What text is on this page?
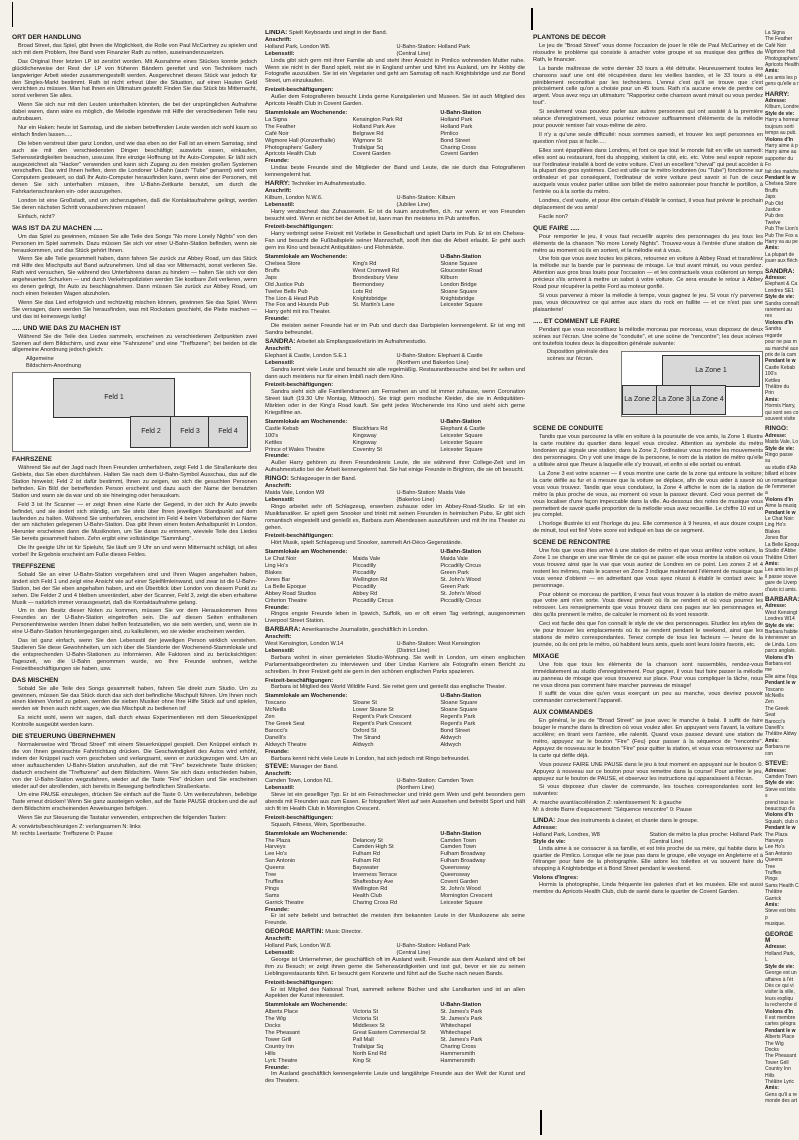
ORT DER HANDLUNG

Broad Street, das Spiel, gibt Ihnen die Möglichkeit, die Rolle von Paul McCartney zu spielen und sich mit dem Problem, Ihre Band vom Finanzier Rath zu retten, auseinanderzusetzen.

Das Original Ihrer letzten LP ist zerstört worden. Mit Ausnahme eines Stückes konnte jedoch glücklicherweise der Rest der LP von früheren Bändern gerettet und von Technikern nach langwieriger Arbeit wieder zusammengestellt werden. Ausgerechnet dieses Stück war jedoch für den Singles-Markt bestimmt. Rath ist nicht erfreut über die Situation, auf einen Hauten Geld verzichten zu müssen. Man hat Ihnen ein Ultimatum gestellt: Finden Sie das Stück bis Mitternacht, sonst verlieren Sie alles.

Wenn Sie sich nur mit den Leuten unterhalten könnten, die bei der ursprünglichen Aufnahme dabei waren, dann wäre es möglich, die Melodie irgendwie mit Hilfe der verschiedenen Teile neu aufzubauen.

Nur ein Haken: heute ist Samstag, und die sieben betreffenden Leute werden sich wohl kaum so einfach finden lassen.....

Die leben verstreut über ganz London, und wie das eben so der Fall ist an einem Samstag, sind auch sie mit den verschiedensten Dingen beschäftigt; auswärts essen, einkaufen, Sehenswürdigkeiten besuchen, usw.usw. Ihre einzige Hoffnung ist Ihr Auto-Computer. Er läßt sich ausgezeichnet als "Hacker" verwenden und kann sich Zugang zu den meisten großen Systemen verschaffen. Das wird Ihnen helfen, denn die Londoner U-Bahn (auch "Tube" genannt) wird vom Computern gesteuert, so daß Ihr Auto-Computer herausfinden kann, wenn eine der Personen, mit denen Sie sich unterhalten müssen, ihre U-Bahn-Zeitkarte benutzt, um durch die Fahrkartenschranken ein- oder auszugehen.

London ist eine Großstadt, und um sicherzugehen, daß die Kontaktaufnahme gelingt, werden Sie deren nächsten Schritt vorausberechnen müssen!

Einfach, nicht?

WAS IST DA ZU MACHEN .....

Um das Spiel zu gewinnen, müssen Sie alle Teile des Songs "No more Lonely Nights" von den Personen im Spiel sammeln. Dazu müssen Sie sich vor einer U-Bahn-Station befinden, wenn sie herauskommen, und das Stück gehört Ihnen.

Wenn Sie alle Teile gesammelt haben, dann fahren Sie zurück zur Abbey Road, um das Stück mit Hilfe des Mischpults auf Band aufzunehmen. Und all das vor Mitternacht, sonst verlieren Sie. Rath wird versuchen, Sie während des Unterfahrens daran zu hindern — halten Sie sich vor den angeheuerten Schurken — und durch Verkehrspolizisten werden Sie kostbare Zeit verlieren, wenn es denen gelingt, Ihr Auto zu beschlagnahmen. Dann müssen Sie zurück zur Abbey Road, um noch einen freiesten Wagen abzuholen.

Wenn Sie das Lied erfolgreich und rechtzeitig mischen können, gewinnen Sie das Spiel. Wenn Sie versagen, dann werden Sie herausfinden, was mit Rockstars geschieht, die Pleite machen — und das ist keineswegs lustig!

..... UND WIE DAS ZU MACHEN IST

Während Sie die Teile des Liedes sammeln, erscheinen zu verschiedenen Zeitpunkten zwei Szenen auf dem Bildschirm, und zwar eine "Fahrszene" und eine "Treffszene"; bei beiden ist die allgemeine Anordnung jedoch gleich:

Allgemeine
Bildschirm-Anordnung
Feld 1
Feld 2	Feld 3	Feld 4
FAHRSZENE

Während Sie auf der Jagd nach Ihren Freunden umherfahren, zeigt Feld 1 die Straßenkarte des Gebiets, das Sie eben durchfahren. Halten Sie nach dem U-Bahn-Symbol Ausschau, das auf die Station hinweist; Feld 2 ist dafür bestimmt, Ihnen zu zeigen, wo sich die gesuchten Personen befinden. Ein Bild der betreffenden Person erscheint und dazu auch der Name der benutzten Station und wann sie da war und ob sie hineinging oder herauskam.

Feld 3 ist Ihr Scanner — er zeigt Ihnen eine Karte der Gegend, in der sich Ihr Auto jeweils befindet, und sie ändert sich ständig, um Sie stets über Ihren jeweiligen Standpunkt auf dem laufenden zu halten. Während Sie umherfahren, erscheint im Feld 4 beim Vorbeifahren der Name der am nächsten gelegenen U-Bahn-Station. Das gibt Ihnen einen festen Anhaltspunkt in London. Hierunter erscheinen dann die Musiknoten, um Sie daran zu erinnern, wieviele Teile des Liedes Sie bereits gesammelt haben. Zehn ergibt eine vollständige "Sammlung".

Die Ihr geeigte Uhr ist für Spieluhr, Sie läuft um 9 Uhr an und wenn Mitternacht schlägt, ist alles vorbei! Ihr Ergebnis erscheint am Fuße dieses Feldes.

TREFFSZENE

Sobald Sie an einer U-Bahn-Station vorgefahren sind und Ihren Wagen angehalten haben, ändert sich Feld 1 und zeigt eine Ansicht wie auf einer Spielfilmleinwand, und zwar ist die U-Bahn-Station, bei der Sie eben angehalten haben, und ein Überblick über London von diesem Punkt zu sehen. Die Felder 2 und 4 bleiben unverändert, aber der Scanner, Feld 3, zeigt die eben erhaltene Musik — natürlich immer vorausgesetzt, daß die Kontaktaufnahme gelang.

Um in den Besitz dieser Noten zu kommen, müssen Sie vor dem Herauskommen Ihres Freundes an der U-Bahn-Station eingetroffen sein. Die auf diesen Seiten enthaltenen Personenhinweise werden Ihnen dabei helfen festzustellen, wo sie sein werden, und, wenn sie in eine U-Bahn-Station hinuntergegangen sind, zu kalkulieren, wo sie wieder erscheinen werden.

Das ist ganz einfach, wenn Sie den Lebensstil der jeweiligen Person wirklich verstehen. Studieren Sie diese Gewohnheiten, um sich über die Standorte der Wochenend-Stammlokale und die entsprechenden U-Bahn-Stationen zu informieren. Alle Faktoren sind zu berücksichtigen: Tageszeit, wo die U-Bahn genommen wurde, wo Ihre Freunde wohnen, welche Freizeitbeschäftigungen sie haben, usw.

DAS MISCHEN

Sobald Sie alle Teile des Songs gesammelt haben, fahren Sie direkt zum Studio. Um zu gewinnen, müssen Sie das Stück durch das sich dort befindliche Mischpult führen. Um Ihnen noch einen kleinen Vorteil zu geben, werden die sieben Musiker ohne Ihre Hilfe Stück auf und spielen, werden wir Ihnen auch nicht sagen, wie das Mischpult zu bedienen ist!

Es reicht wohl, wenn wir sagen, daß durch etwas Experimentieren mit dem Steuerknüppel Kontrolle ausgeübt werden kann.

DIE STEUERUNG ÜBERNEHMEN

Normalerweise wird "Broad Street" mit einem Steuerknüppel gespielt. Den Knüppel einfach in die von Ihnen gewünschte Fahrtrichtung drücken. Die Geschwindigkeit des Autos wird erhöht, indem der Knüppel nach vorn geschoben und verlangsamt, wenn er zurückgezogen wird. Um an einer auftauchenden U-Bahn-Station anzuhalten, auf die mit "Fire" bezeichnete Taste drücken; dadurch erscheint die "Treffszene" auf dem Bildschirm. Wenn Sie sich dazu entschieden haben, von der U-Bahn-Station wegzufahren, wieder auf die Taste "Fire" drücken und Sie erscheinen wieder auf der abrollenden, sich bereits in Bewegung befindlichen Straßenkarte.

Um eine PAUSE einzulegen, drücken Sie einfach auf die Taste 0. Um weiterzufahren, beliebige Taste erneut drücken! Wenn Sie ganz aussteigen wollen, auf die Taste PAUSE drücken und die auf dem Bildschirm erscheinenden Anweisungen befolgen.

Wenn Sie zur Steuerung die Tastatur verwenden, entsprechen die folgenden Tasten:

A: vorwärts/beschleunigen Z: verlangsamen N: links
M: rechts Leertaste: Treffszene 0: Pause
LINDA: Spielt Keyboards und singt in der Band.
Anschrift:
Holland Park, London W8.	U-Bahn-Station: Holland Park
Lebensstil:	(Central Line)

Linda gibt sich gern mit ihrer Familie ab und steht ihrer Ansicht in Pimlico wohnenden Mutter nahe. Wenn sie nicht in der Band spielt, reist sie in England umher und führt ins Ausland, um ihr Hobby die Fotografie auszuüben. Sie ist ein Vegetarier und geht am Samstag oft nach Knightsbridge und zur Bond Street, um einzukaufen.

Freizeit-beschäftigungen:

Außer dem Fotografieren besucht Linda gerne Kunstgalerien und Museen. Sie ist auch Mitglied des Apricots Health Club in Covent Garden.

Stammlokale am Wochenende:	U-Bahn-Station
La Signa	Kensington Park Rd	Holland Park
The Feather	Holland Park Ave	Holland Park
Café Noir	Belgrave Rd	Pimlico
Wigmore Hall (Konzerthalle)	Wigmore St	Bond Street
Photographers' Gallery	Trafalgar Sq	Charing Cross
Apricots Health Club	Covent Garden	Covent Garden
Freunde:

Lindas beste Freunde sind die Mitglieder der Band und Leute, die sie durch das Fotografieren kennengelernt hat.

HARRY: Techniker im Aufnahmestudio.
Anschrift:
Kilburn, London N.W.6.	U-Bahn-Station: Kilburn
Lebensstil:	(Jubilee Line)

Harry verabscheut das Zuhausesein. Er ist da kaum anzutreffen, d.h. nur wenn er von Freunden besucht wird. Wenn er nicht bei der Arbeit ist, kann man ihn meistens im Pub antreffen.

Freizeit-beschäftigungen:

Harry verbringt seine Freizeit mit Vorliebe in Gesellschaft und spielt Darts im Pub. Er ist ein Chelsea-Fan und besucht die Fußballspiele seiner Mannschaft, sooft ihm das die Arbeit erlaubt. Er geht auch gern ins Kino und besucht Antiquitäten- und Flohmärkte.

Stammlokale am Wochenende:	U-Bahn-Station
Chelsea Store	King's Rd	Sloane Square
Bruffs	West Cromwell Rd	Gloucester Road
Japs	Brondesbury View	Kilburn
Old Justice Pub	Bermondsey	London Bridge
Twelve Bells Pub	Lots Rd	Sloane Square
The Lion & Head Pub	Knightsbridge	Knightsbridge
The Fox and Hounds Pub	St. Martin's Lane	Leicester Square
Harry geht mit ins Theater.
Freunde:

Die meisten seiner Freunde hat er im Pub und durch das Dartspielen kennengelernt. Er ist eng mit Sandra befreundet.

SANDRA: Arbeitet als Empfangssekretärin im Aufnahmestudio.
Anschrift:
Elephant & Castle, London S.E.1	U-Bahn-Station: Elephant & Castle
Lebensstil:	(Northern und Bakerloo Line)

Sandra kennt viele Leute und besucht sie alle regelmäßig. Restaurantbesuche sind bei ihr selten und dann auch meistens nur für einen Imbiß nach dem Kino.

Freizeit-beschäftigungen:

Sandra sieht sich alle Familiendramen am Fernsehen an und ist immer zuhause, wenn Coronation Street läuft (19.30 Uhr Montag, Mittwoch). Sie trägt gern modische Kleider, die sie in Antiquitäten-Märkten oder in der King's Road kauft. Sie geht jedes Wochenende ins Kino und sieht sich gerne Kriegsfilme an.

Stammlokale am Wochenende:	U-Bahn-Station
Castle Kebab	Blackfriars Rd	Elephant & Castle
100's	Kingsway	Leicester Square
Kettles	Kingsway	Leicester Square
Prince of Wales Theatre	Coventry St	Leicester Square
Freunde:

Außer Harry gehören zu ihren Freundeskreis Leute, die sie während ihrer College-Zeit und im Aufnahmestudio bei der Arbeit kennengelernt hat. Sie hat einige Freunde in Brighton, die sie oft besucht.

RINGO: Schlagzeuger in der Band.
Anschrift:
Maida Vale, London W9	U-Bahn-Station: Maida Vale
Lebensstil:	(Bakerloo Line)

Ringo arbeitet sehr oft Schlagzeug, erwerben zuhause oder im Abbey-Road-Studio. Er ist ein Musikfanatiker. Er spielt gern Snooker und trinkt mit seinen Freunden in heimischen Pubs. Er gibt sich romantisch eingestellt und genießt es, Barbara zum Abendessen auszuführen und mit ihr ins Theater zu gehen.

Freizeit-beschäftigungen:

Hört Musik, spielt Schlagzeug und Snooker, sammelt Art-Déco-Gegenstände.

Stammlokale am Wochenende:	U-Bahn-Station
Le Chat Noir	Maida Vale	Maida Vale
Ling Ho's	Piccadilly	Piccadilly Circus
Blakes	Piccadilly	Green Park
Jones Bar	Wellington Rd	St. John's Wood
La Belle Epoque	Piccadilly	Green Park
Abbey Road Studios	Abbey Rd	St. John's Wood
Criterion Theatre	Piccadilly Circus	Piccadilly Circus
Freunde:

Ringos engste Freunde leben in Ipswich, Suffolk, wo er oft einen Tag verbringt, ausgenommen Liverpool Street Station.

BARBARA: Amerikanische Journalistin, geschäftlich in London.
Anschrift:
West Kensington, London W.14	U-Bahn-Station: West Kensington
Lebensstil:	(District Line)

Barbara wohnt in einer gemieteten Studio-Wohnung. Sie weilt in London, um einen englischen Parlamentsabgeordneten zu interviewen und über Lindas Karriere als Fotografin einen Bericht zu schreiben. In ihrer Freizeit geht sie gern in den schönen englischen Parks spazieren.

Freizeit-beschäftigungen:

Barbara ist Mitglied des World Wildlife Fund. Sie reitet gern und genießt das englische Theater.

Stammlokale am Wochenende:	U-Bahn-Station
Toscano	Sloane St	Sloane Square
McNeills	Lower Sloane St	Sloane Square
Zen	Regent's Park Crescent	Regent's Park
The Greek Seat	Regent's Park Crescent	Regent's Park
Barocci's	Oxford St	Bond Street
Danelli's	The Strand	Aldwych
Aldwych Theatre	Aldwych	Aldwych
Freunde:

Barbara kennt nicht viele Leute in London, hat sich jedoch mit Ringo befreundet.

STEVE: Manager der Band.
Anschrift:
Camden Town, London N1.	U-Bahn-Station: Camden Town
Lebensstil:	(Northern Line)

Steve ist ein geselliger Typ. Er ist ein Feinschmecker und trinkt gern Wein und geht besonders gern abends mit Freunden aus zum Essen. Er fotografiert Wert auf sein Aussehen und betreibt Sport und hält sich fit im Health Club in Mornington Crescent.

Freizeit-beschäftigungen:

Squash, Fitness, Wein, Sportbesuche.

Stammlokale am Wochenende:	U-Bahn-Station
The Plaza	Delancey St	Camden Town
Harveys	Camden High St	Camden Town
Lee Ho's	Fulham Rd	Fulham Broadway
San Antonio	Fulham Rd	Fulham Broadway
Queens	Bayswater	Queensway
Tree	Inverness Terrace	Queensway
Truffles	Shaftesbury Ave	Covent Garden
Pings	Wellington Rd	St. John's Wood
Sams	Health Club	Mornington Crescent
Garrick Theatre	Charing Cross Rd	Leicester Square
Freunde:

Er ist sehr beliebt und betrachtet die meisten ihm bekannten Leute in der Musikszene als seine Freunde.

GEORGE MARTIN: Music Director.
Anschrift:
Holland Park, London W.8.	U-Bahn-Station: Holland Park
Lebensstil:	(Central Line)

George ist Unternehmer, der geschäftlich oft im Ausland weilt. Freunde aus dem Ausland sind oft bei ihm zu Besuch; er zeigt ihnen gerne die Sehenswürdigkeiten und isst gut, bevor er sie zu seinen Lieblingsrestaurants führt. Er besucht gern Konzerte und führt auf die Suche nach neuen Bands.

Freizeit-beschäftigungen:

Er ist Mitglied des National Trust, sammelt seltene Bücher und alte Landkarten und ist an allen Aspekten der Kunst interessiert.

Stammlokale am Wochenende:	U-Bahn-Station
Alberts Place	Victoria St	St. James's Park
The Wig	Victoria St	St. James's Park
Docks	Middlesex St	Whitechapel
The Pheasant	Great Eastern Commercial St	Whitechapel
Tower Grill	Pall Mall	St. James's Park
Country Inn	Trafalgar Sq	Charing Cross
Hills	North End Rd	Hammersmith
Lyric Theatre	King St	Hammersmith
Freunde:

Im Ausland geschäftlich kennengelernte Leute und langjährige Freunde aus der Welt der Kunst und des Theaters.

PLANTONS DE DECOR

Le jeu de "Broad Street" vous donne l'occasion de jouer le rôle de Paul McCartney et de résoudre le problème qui consiste à arracher votre groupe et sa musique des griffes de Rath, le financier.

La bande maîtresse de votre dernier 33 tours a été détruite. Heureusement toutes les chansons sauf une ont été récupérées dans les vieilles bandes, et le 33 tours a été péniblement reconstitué par les techniciens. L'ennui c'est qu'il se trouve que c'est précisément celle qu'on a choisie pour un 45 tours. Rath n'a aucune envie de perdre cet argent. Vous avez reçu un ultimatum: "Rapportez cette chanson avant minuit ou vous perdez tout".

Si seulement vous pouviez parler aux autres personnes qui ont assisté à la première séance d'enregistrement, vous pourriez retrouver suffisamment d'éléments de la mélodie pour pouvoir remixer l'air vous-même de zéro.

Il n'y a qu'une seule difficulté: nous sommes samedi, et trouver les sept personnes en question n'est pas si facile.....

Elles sont éparpillées dans Londres, et font ce que tout le monde fait en ville un samedi: elles sont au restaurant, font du shopping, visitent la cité, etc. etc. Votre seul espoir repose sur l'ordinateur installé à bord de votre voiture. C'est un excellent "cheval" qui peut accéder à la plupart des gros systèmes. Ceci est utile car le métro londonien (ou "Tube") fonctionne sur ordinateur et par conséquent, l'ordinateur de votre voiture peut savoir si l'un de ceux auxquels vous voulez parler utilise son billet de métro saisonnier pour franchir le portillon, à l'entrée ou à la sortie du métro.

Londres, c'est vaste, et pour être certain d'établir le contact, il vous faut prévoir le prochain déplacement de vos amis!

Facile non?

QUE FAIRE .....

Pour remporter le jeu, il vous faut recueillir auprès des personnages du jeu tous les éléments de la chanson "No more Lonely Nights". Trouvez-vous à l'entrée d'une station de métro au moment où ils en sortent, et la mélodie est à vous.

Une fois que vous avez toutes les pièces, retournez en voiture à Abbey Road et transférez la mélodie sur la bande par le panneau de mixage. Le tout avant minuit, ou vous perdez. Attention aux gros bras loués pour l'occasion — et les contractuels vous coûteront un temps précieux s'ils arrivent à mettre un sabot à votre voiture. Ce sera ensuite le retour à Abbey Road pour récupérer la petite Ford au moteur gonflé.

Si vous parvenez à mixer la mélodie à temps, vous gagnez le jeu. Si vous n'y parvenez pas, vous découvrirez ce qui arrive aux stars du rock en faillite — et ce n'est pas une plaisanterie!

..... ET COMMENT LE FAIRE

Pendant que vous reconstituez la mélodie morceau par morceau, vous disposez de deux scènes sur l'écran. Une scène de "conduite", et une scène de "rencontre"; les deux scènes ont toutefois toutes deux la disposition générale suivante:

Disposition générale des
scènes sur l'écran.
La Zone 1
La Zone 2 La Zone 3 La Zone 4
SCENE DE CONDUITE

Tandis que vous parcourez la ville en voiture à la poursuite de vos amis, la Zone 1 illustre la carte routière du quartier dans lequel vous circulez. Attention au symbole du métro londonien qui signale une station; dans la Zone 2, l'ordinateur vous montre les mouvements des personnages. On y voit une image de la personne, le nom de la station de métro qu'elle a utilisée ainsi que l'heure à laquelle elle s'y trouvait, et enfin si elle sortait ou entrait.

La Zone 3 est votre scanner — il vous montre une carte de la zone qui entoure la voiture; la carte défile au fur et à mesure que la voiture se déplace, afin de vous aider à savoir où vous vous trouvez. Tandis que vous conduisez, la Zone 4 affiche le nom de la station de métro la plus proche de vous, au moment où vous la passez devant. Ceci vous permet de vous localiser d'une façon impeccable dans la ville. Au-dessous des notes de musique vous permettent de savoir quelle proportion de la mélodie vous avez recueillie. Le chiffre 10 est un jeu complet.

L'horloge illustrée ici est l'horloge du jeu. Elle commence à 9 heures, et aux douze coups de minuit, tout est fini! Votre score est indiqué en bas de ce segment.

SCENE DE RENCONTRE

Une fois que vous êtes arrivé à une station de métro et que vous arrêtez votre voiture, la Zone 1 se change en une vue filmée de ce qui se passe: elle vous montre la station où vous vous trouvez ainsi que la vue que vous auriez de Londres en ce point. Les zones 2 et 4 restent les mêmes, mais le scanner en Zone 3 indique maintenant l'élément de musique que vous venez d'obtenir — en admettant que vous ayez réussi à établir le contact avec le personnage.

Pour obtenir ce morceau de partition, il vous faut vous trouver à la station de métro avant que votre ami n'en sorte. Vous devez prévoir où ils se rendent et où vous pourrez les retrouver. Les renseignements que vous trouvez dans ces pages sur les personnages et, dès qu'ils prennent le métro, de calculer le moment où ils vont ressortir.

Ceci est facile dès que l'on connaît le style de vie des personnages. Etudiez les styles de vie pour trouver les emplacements où ils se rendent pendant le weekend, ainsi que les stations de métro correspondantes. Tenez compte de tous les facteurs — heure de la journée, où ils ont pris le métro, où habitent leurs amis, quels sont leurs loisirs favoris, etc.

MIXAGE

Une fois que tous les éléments de la chanson sont rassemblés, rendez-vous immédiatement au studio d'enregistrement. Pour gagner, il vous faut faire passer la mélodie au panneau de mixage que vous trouverez sur place. Pour vous compliquer la tâche, nous ne vous dirons pas comment faire marcher panneau de mixage!

Il suffit de vous dire qu'en vous exerçant un peu au manche, vous devriez pouvoir commander correctement l'appareil.

AUX COMMANDES

En général, le jeu de "Broad Street" se joue avec le manche à balai. Il suffit de faire bouger le manche dans la direction où vous voulez aller. En appuyant vers l'avant, la voiture accélère; en tirant vers l'arrière, elle ralentit. Quand vous passez devant une station de métro, appuyez sur le bouton "Fire" (Feu) pour passer à la séquence de "rencontre". Appuyez de nouveau sur le bouton "Fire" pour quitter la station, et vous vous retrouverez sur la carte qui défile déjà.

Vous pouvez FAIRE UNE PAUSE dans le jeu à tout moment en appuyant sur le bouton 0. Appuyez à nouveau sur ce bouton pour vous remettre dans la course! Pour arrêter le jeu, appuyez sur le bouton de PAUSE, et observez les instructions qui apparaissent à l'écran.

Si vous disposez d'un clavier de commande, les touches correspondantes sont les suivantes:

A: marche avant/accélération Z: ralentissement N: à gauche
M: à droite Barre d'espacement: "Séquence rencontre" 0: Pause
LINDA: Joue des instruments à clavier, et chante dans le groupe.
Adresse:
Holland Park, Londres, W8	Station de métro la plus proche: Holland Park
Style de vie:	(Central Line)

Linda aime à se consacrer à sa famille, et est très proche de sa mère, qui habite dans le quartier de Pimlico. Lorsque elle ne joue pas dans le groupe, elle voyage en Angleterre et à l'étranger pour faire de la photographie. Elle adore les toilettes et va souvent faire du shopping à Knightsbridge et à Bond Street pendant le weekend.

Violons d'Ingres:

Hormis la photographie, Linda fréquente les galeries d'art et les musées. Elle est aussi membre du Apricots Health Club, club de santé dans le quartier de Covent Garden.

La Signa
The Feather
Café Noir
Wigmore Hall
Photographers'
Apricots Health
Amis:
Les amis les p
gens qu'elle a r
HARRY:
Adresse:
Kilburn, Londre
Style de vie:
Harry a horreur
toujours sorti
temps au pub.
Violons d'In
Harry aime à p
Harry aime au
supporter du Fo
fait des matchs
Pendant le w
Chelsea Store
Bruffs
Japs
Pub Old Justice
Pub des Twelve
Pub The Lion's
Pub The Fox a
Harry va au pe
Amis:
La plupart de
jouer aux fléch
SANDRA:
Adresse:
Elephant & Ca
Londres SE1
Style de vie:
Sandra connaît
rarement au res
Violons d'In
Sandra regarde
pour ne pas m
au marché aux
prix de la cam
Pendant le w
Castle Kebab
100's
Kettles
Théâtre du Prin
Amis:
Hormis Harry,
qui sont ses co
souvent visite
RINGO:
Adresse:
Maida Vale, Lo
Style de vie:
Ringo passe su
au studio d'Ab
billard et boire
un romantique
de l'emmener a
Violons d'In
Aime la musiq
Pendant le w
Le Chat Noir:
Ling Ho's
Blakes
Jones Bar
La Belle Epoqu
Studio d'Abbe
Théâtre Criteri
Amis:
Les amis les pl
il passe souve
gare de Liverp
d'avis ici amis.
BARBARA:
Adresse:
West Kensingt
Londres W14
Style de vie:
Barbara habite
interviewer un
de Linda. Lors
parcs anglais.
Violons d'In
Barbara est me
Elle aime l'équ
Pendant le w
Toscano
McNeills
Zen
The Greek Seat
Barocci's
Danelli's
Théâtre Aldwy
Amis:
Barbara ne con
STEVE:
Adresse:
Camden Town
Style de vie:
Steve est très s
prend tous le
beaucoup d'a
Violons d'In
Squash, club o
Pendant le w
The Plaza
Harveys
Lee Ho's
San Antonio
Queens
Tree
Truffles
Pings
Sams Health C
Théâtre Garrick
Amis:
Steve est très p
musique.
GEORGE M
Adresse:
Holland Park, L
Style de vie:
George est un
affaires à l'ét
Dès ce qui vi
visiter la ville,
leurs expliqu
la recherche d
Violons d'In
Il est membre
cartes géogra
Pendant le w
Alberts Place
The Wig
Docks
The Pheasant
Tower Grill
Country Inn
Hills
Théâtre Lyric
Amis:
Gens qu'il a re
monde des art
